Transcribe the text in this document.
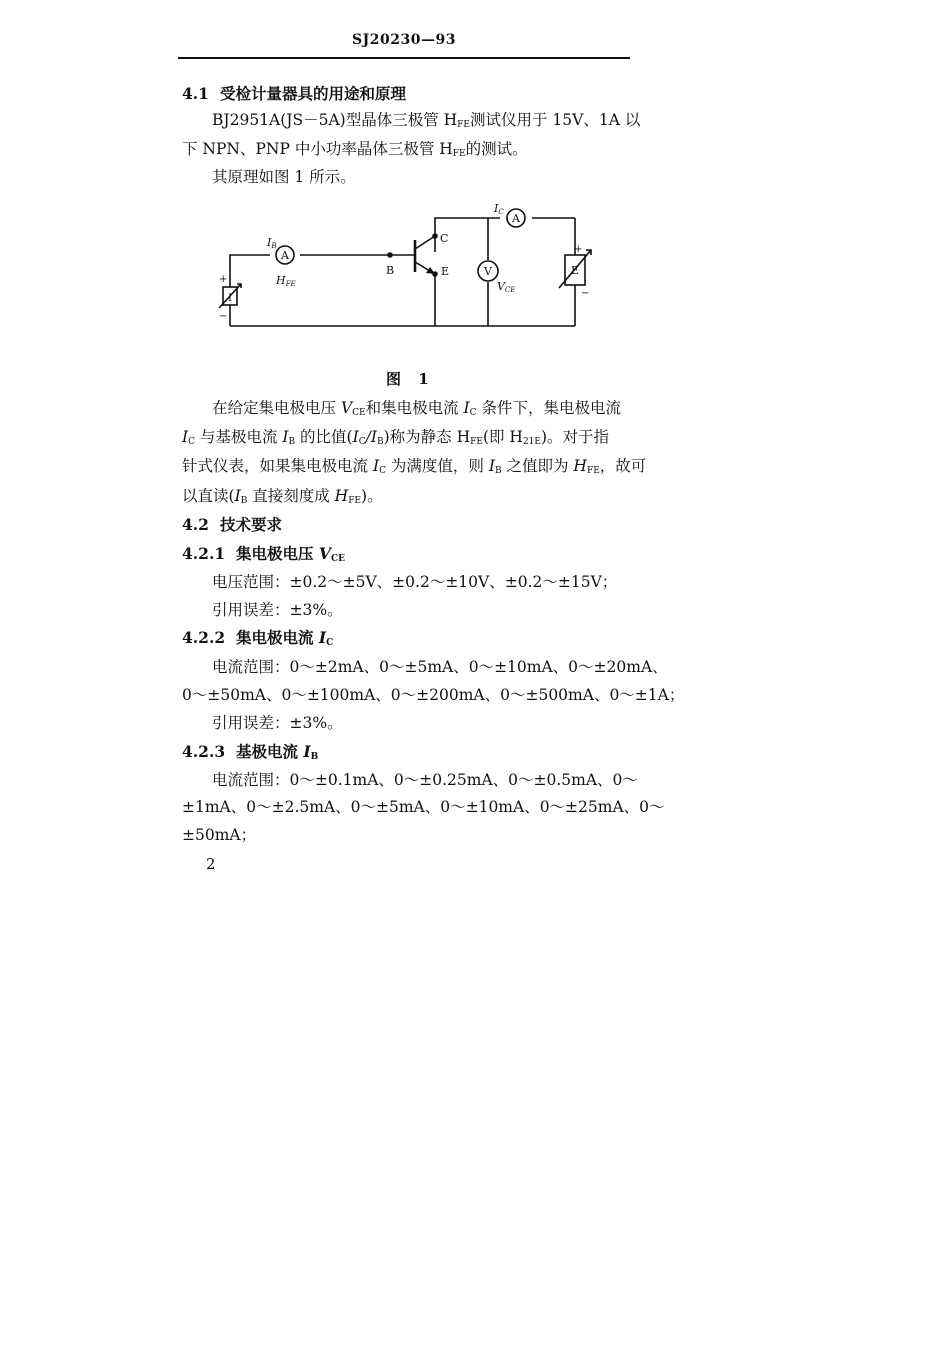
SJ20230—93
4.1 受检计量器具的用途和原理
BJ2951A(JS－5A)型晶体三极管 $H_{FE}$测试仪用于 15V、1A 以
下 NPN、PNP 中小功率晶体三极管 $H_{FE}$的测试。
其原理如图 1 所示。
A
A
V
I
+
−
E
+
−
IB
HFE
IC
VCE
B
C
E
图 1
在给定集电极电压 $V_{CE}$和集电极电流 $I_C$ 条件下，集电极电流
$I_C$ 与基极电流 $I_B$ 的比值$(I_C/I_B)$称为静态 $H_{FE}$(即 $H_{21E}$)。对于指
针式仪表，如果集电极电流 $I_C$ 为满度值，则 $I_B$ 之值即为 $H_{FE}$，故可
以直读($I_B$ 直接刻度成 $H_{FE}$)。
4.2 技术要求
4.2.1 集电极电压 $V_{CE}$
电压范围：±0.2～±5V、±0.2～±10V、±0.2～±15V；
引用误差：±3%。
4.2.2 集电极电流 $I_C$
电流范围：0～±2mA、0～±5mA、0～±10mA、0～±20mA、
0～±50mA、0～±100mA、0～±200mA、0～±500mA、0～±1A；
引用误差：±3%。
4.2.3 基极电流 $I_B$
电流范围：0～±0.1mA、0～±0.25mA、0～±0.5mA、0～
±1mA、0～±2.5mA、0～±5mA、0～±10mA、0～±25mA、0～
±50mA；
2
